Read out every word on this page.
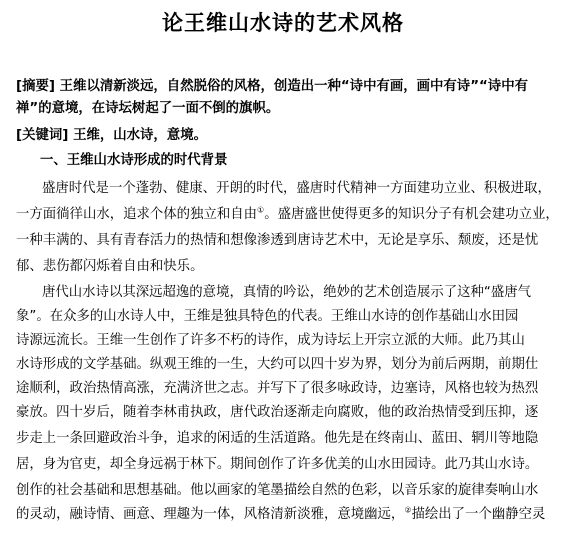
论王维山水诗的艺术风格
[摘要] 王维以清新淡远，自然脱俗的风格，创造出一种“诗中有画，画中有诗”“诗中有
禅”的意境，在诗坛树起了一面不倒的旗帜。
[关键词] 王维，山水诗，意境。
一、王维山水诗形成的时代背景
盛唐时代是一个蓬勃、健康、开朗的时代，盛唐时代精神一方面建功立业、积极进取，
一方面徜徉山水，追求个体的独立和自由①。盛唐盛世使得更多的知识分子有机会建功立业，
一种丰满的、具有青春活力的热情和想像渗透到唐诗艺术中，无论是享乐、颓废，还是忧
郁、悲伤都闪烁着自由和快乐。
唐代山水诗以其深远超逸的意境，真情的吟讼，绝妙的艺术创造展示了这种“盛唐气
象”。在众多的山水诗人中，王维是独具特色的代表。王维山水诗的创作基础山水田园
诗源远流长。王维一生创作了许多不朽的诗作，成为诗坛上开宗立派的大师。此乃其山
水诗形成的文学基础。纵观王维的一生，大约可以四十岁为界，划分为前后两期，前期仕
途顺利，政治热情高涨，充满济世之志。并写下了很多咏政诗，边塞诗，风格也较为热烈
豪放。四十岁后，随着李林甫执政，唐代政治逐渐走向腐败，他的政治热情受到压抑，逐
步走上一条回避政治斗争，追求的闲适的生活道路。他先是在终南山、蓝田、辋川等地隐
居，身为官吏，却全身远祸于林下。期间创作了许多优美的山水田园诗。此乃其山水诗。
创作的社会基础和思想基础。他以画家的笔墨描绘自然的色彩，以音乐家的旋律奏响山水
的灵动，融诗情、画意、理趣为一体，风格清新淡雅，意境幽远，②描绘出了一个幽静空灵
